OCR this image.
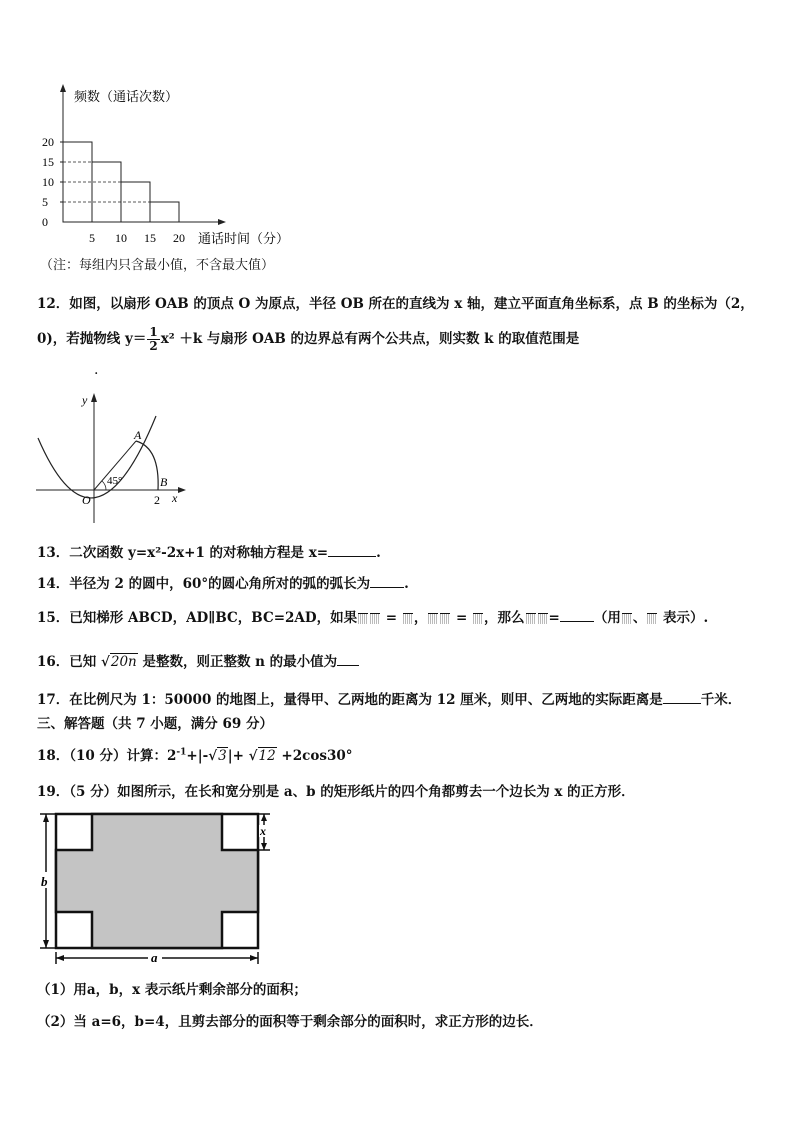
20
15
10
5
0
5 10 15 20
频数（通话次数）
通话时间（分）
（注：每组内只含最小值，不含最大值）
12．如图，以扇形 OAB 的顶点 O 为原点，半径 OB 所在的直线为 x 轴，建立平面直角坐标系，点 B 的坐标为（2，
0)，若抛物线 $y= \frac{1}{2} x^2 +k$ 与扇形 OAB 的边界总有两个公共点，则实数 k 的取值范围是
.
y
x
O
A
B
2
45°
13．二次函数 y=x²-2x+1 的对称轴方程是 x=	.
14．半径为 2 的圆中，60°的圆心角所对的弧的弧长为	.
15．已知梯形 ABCD，AD∥BC，BC=2AD，如果 = ， = ，那么 =	（用 、 表示）.
16．已知 √20n 是整数，则正整数 n 的最小值为
17．在比例尺为 1：50000 的地图上，量得甲、乙两地的距离为 12 厘米，则甲、乙两地的实际距离是	千米．
三、解答题（共 7 小题，满分 69 分）
18．（10 分）计算：$2^{-1}+|-√3|+ √12 +2\cos 30^\circ$
19．（5 分）如图所示，在长和宽分别是 a、b 的矩形纸片的四个角都剪去一个边长为 x 的正方形．
b
a
x
（1）用a，b，x 表示纸片剩余部分的面积；
（2）当 a=6，b=4，且剪去部分的面积等于剩余部分的面积时，求正方形的边长．
